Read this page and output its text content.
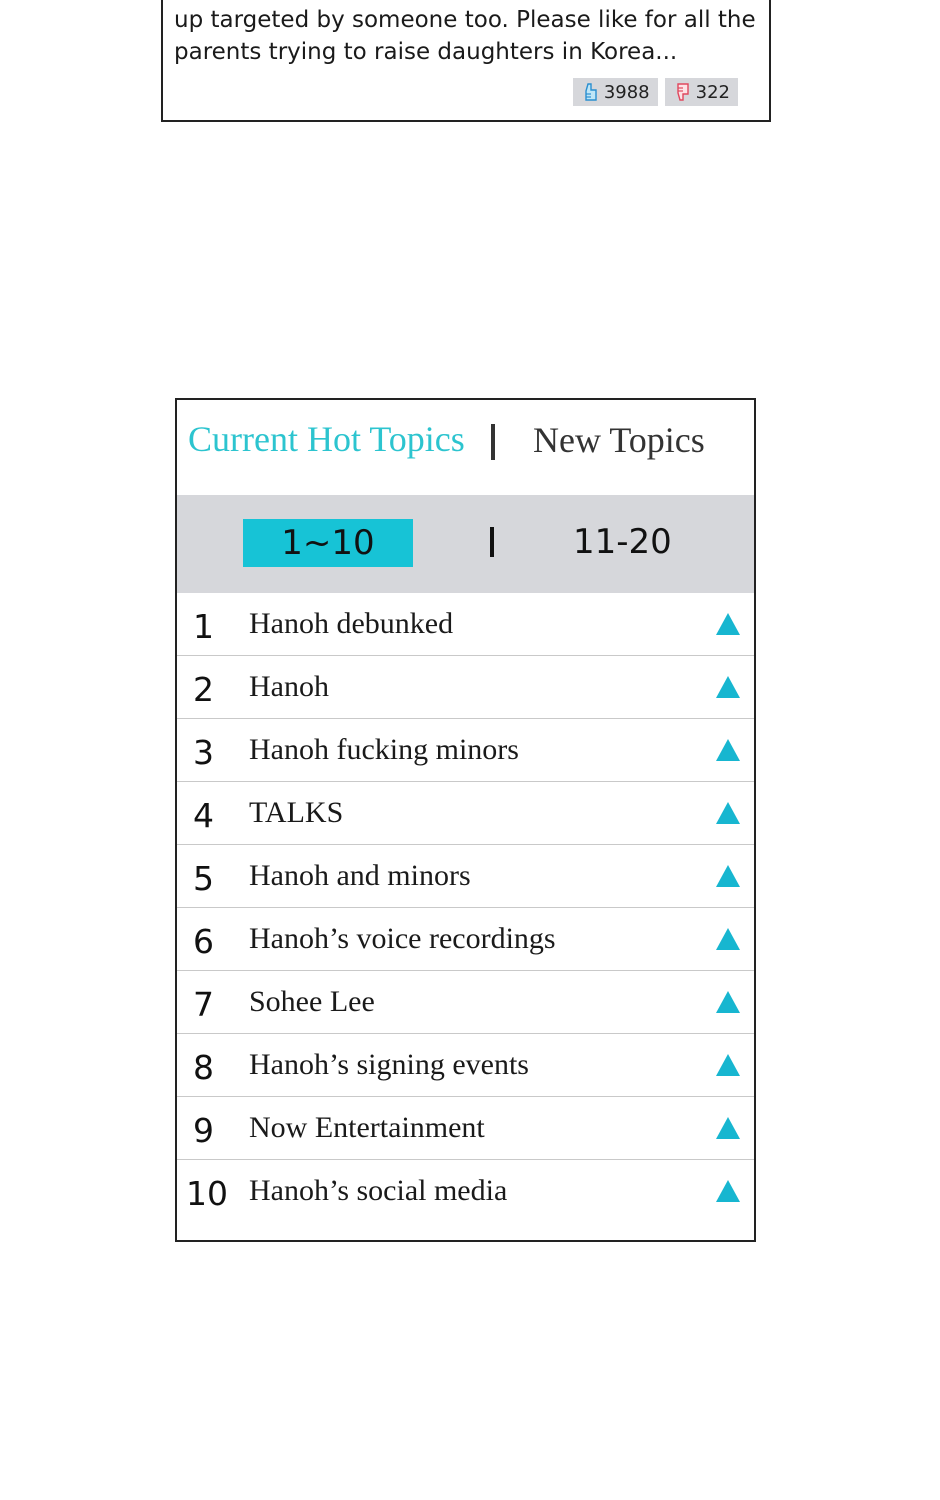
up targeted by someone too. Please like for all the
parents trying to raise daughters in Korea...
3988	322
Current Hot Topics New Topics
1~10	11-20
1	Hanoh debunked
2	Hanoh
3	Hanoh fucking minors
4	TALKS
5	Hanoh and minors
6	Hanoh’s voice recordings
7	Sohee Lee
8	Hanoh’s signing events
9	Now Entertainment
10 Hanoh’s social media
